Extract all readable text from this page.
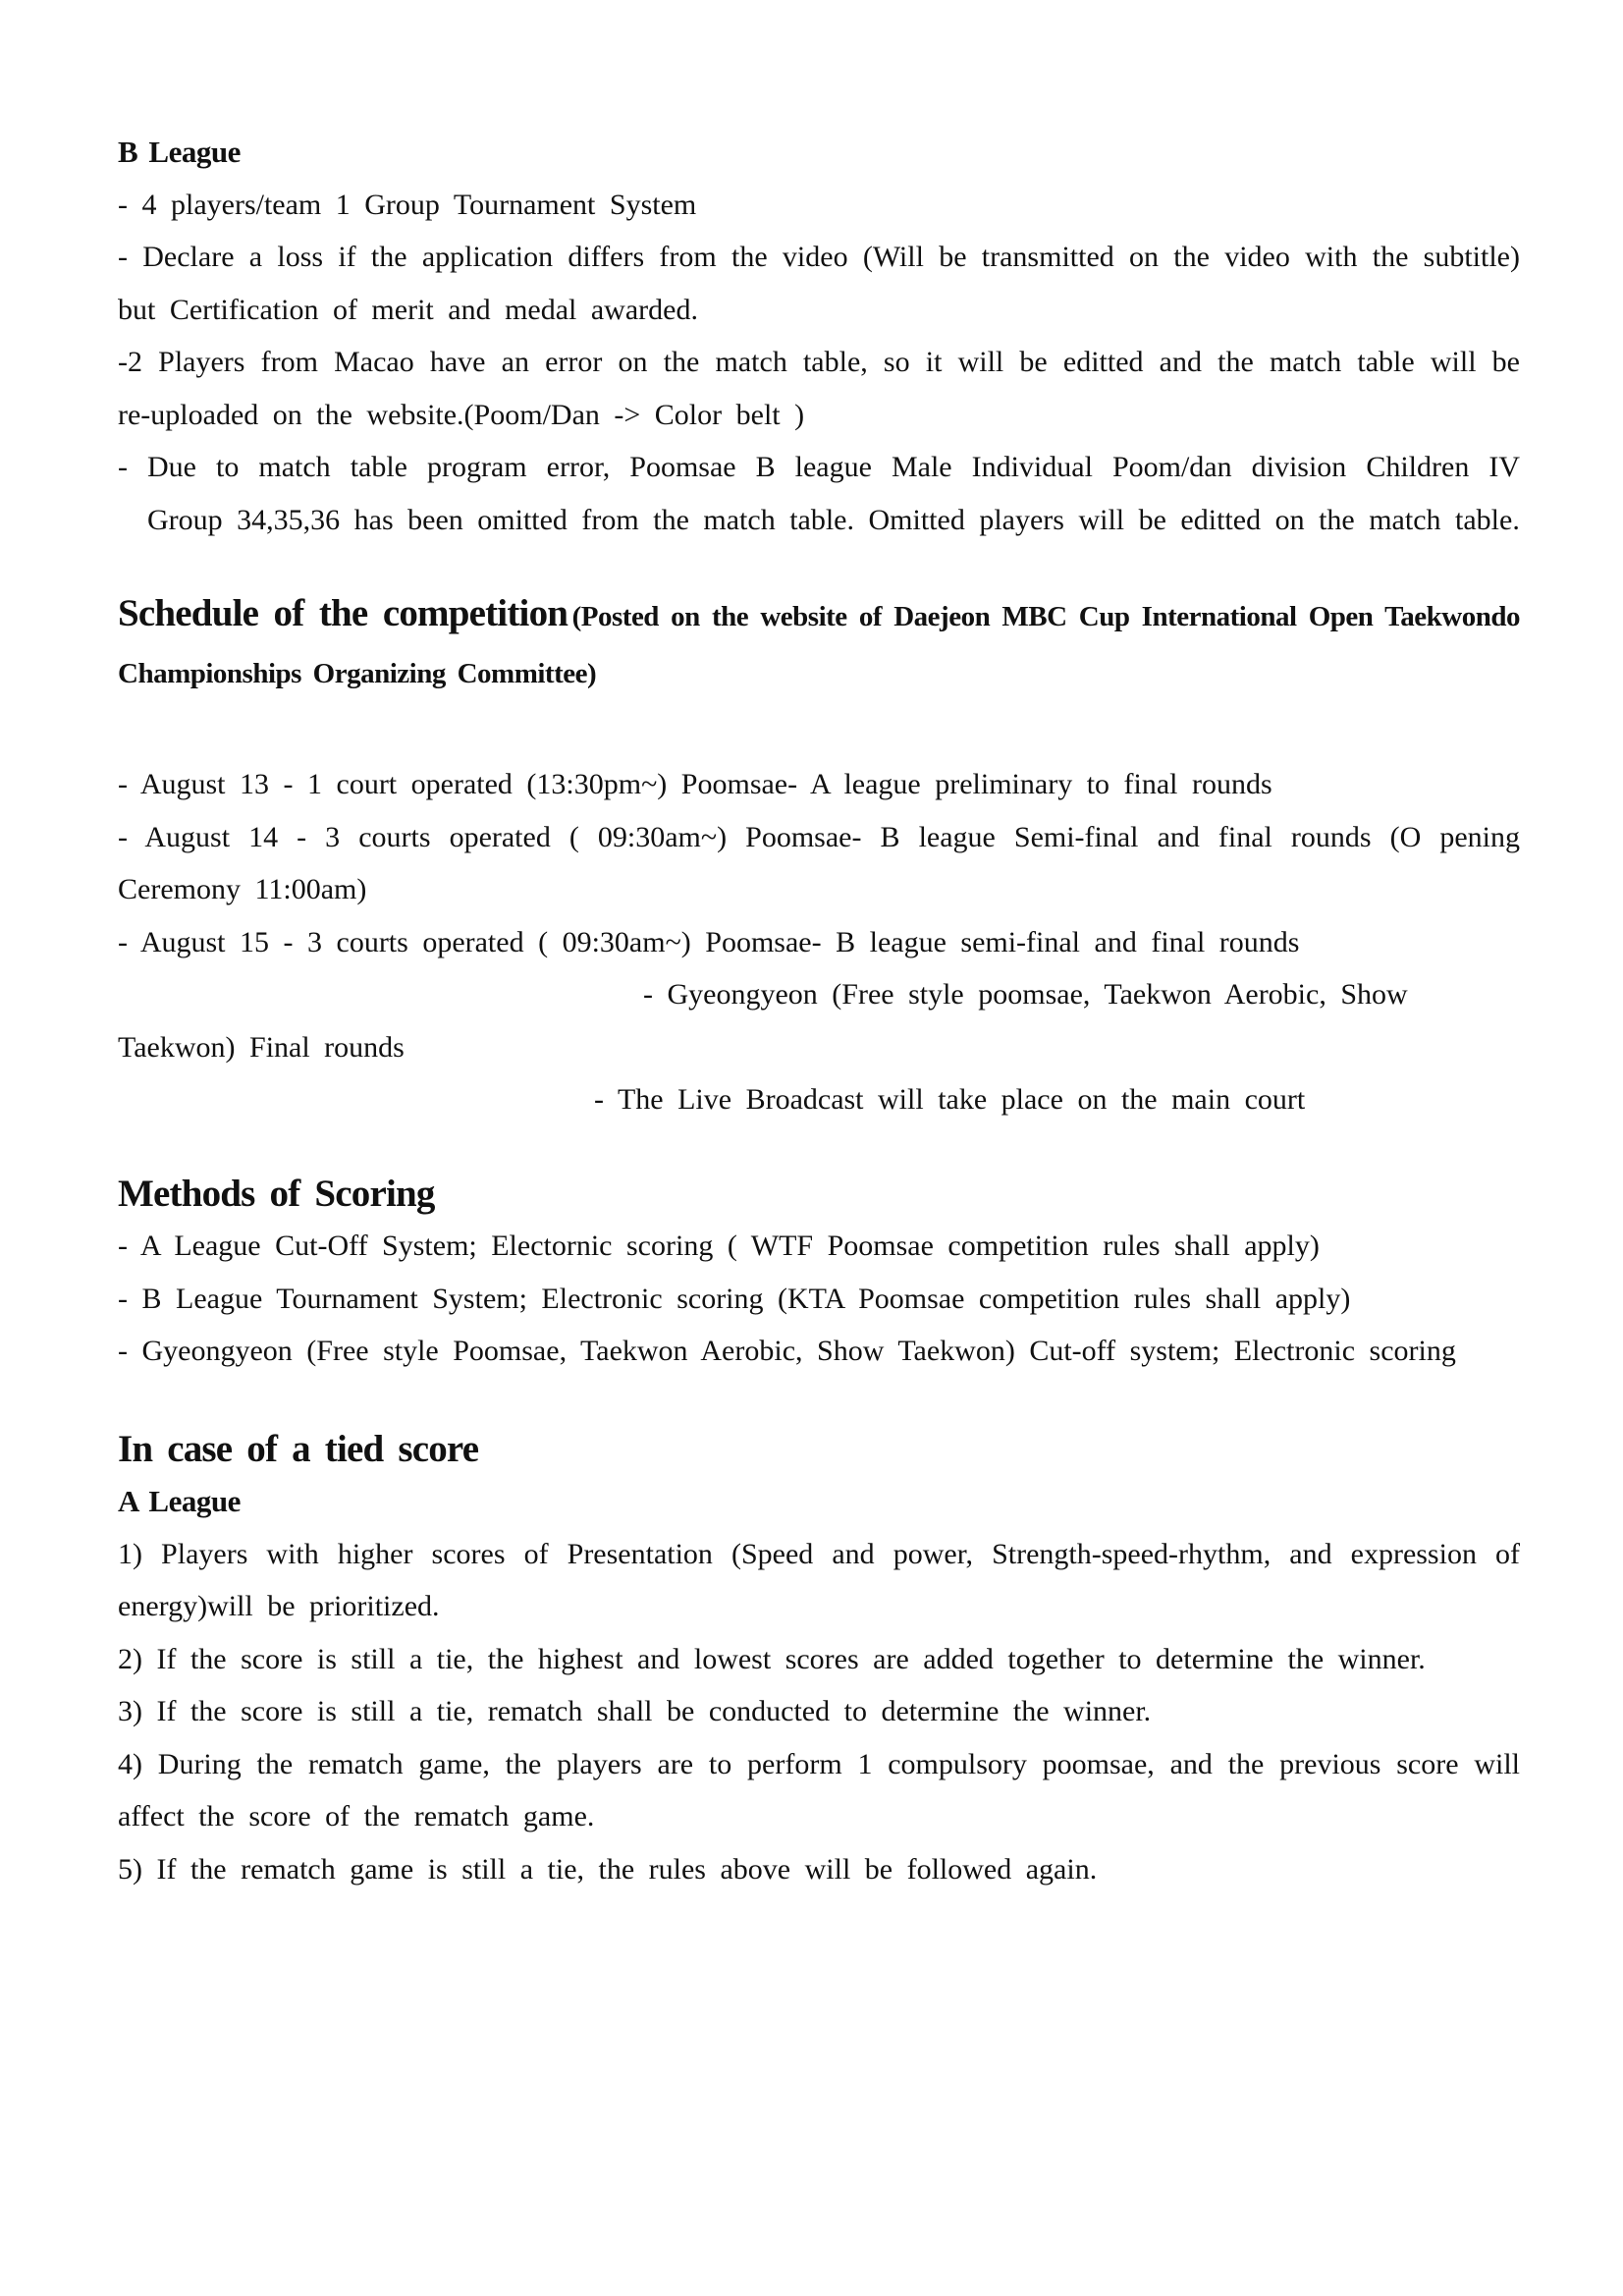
B League

- 4 players/team 1 Group Tournament System

- Declare a loss if the application differs from the video (Will be transmitted on the video with the subtitle) but Certification of merit and medal awarded.

-2 Players from Macao have an error on the match table, so it will be editted and the match table will be re-uploaded on the website.(Poom/Dan -> Color belt )

- Due to match table program error, Poomsae B league Male Individual Poom/dan division Children IV Group 34,35,36 has been omitted from the match table. Omitted players will be editted on the match table.

Schedule of the competition (Posted on the website of Daejeon MBC Cup International Open Taekwondo Championships Organizing Committee)

- August 13 - 1 court operated (13:30pm~) Poomsae- A league preliminary to final rounds

- August 14 - 3 courts operated ( 09:30am~) Poomsae- B league Semi-final and final rounds (O pening Ceremony 11:00am)

- August 15 - 3 courts operated ( 09:30am~) Poomsae- B league semi-final and final rounds

- Gyeongyeon (Free style poomsae, Taekwon Aerobic, Show

Taekwon) Final rounds

- The Live Broadcast will take place on the main court

Methods of Scoring

- A League Cut-Off System; Electornic scoring ( WTF Poomsae competition rules shall apply)

- B League Tournament System; Electronic scoring (KTA Poomsae competition rules shall apply)

- Gyeongyeon (Free style Poomsae, Taekwon Aerobic, Show Taekwon) Cut-off system; Electronic scoring

In case of a tied score

A League

1) Players with higher scores of Presentation (Speed and power, Strength-speed-rhythm, and expression of energy)will be prioritized.

2) If the score is still a tie, the highest and lowest scores are added together to determine the winner.

3) If the score is still a tie, rematch shall be conducted to determine the winner.

4) During the rematch game, the players are to perform 1 compulsory poomsae, and the previous score will affect the score of the rematch game.

5) If the rematch game is still a tie, the rules above will be followed again.
